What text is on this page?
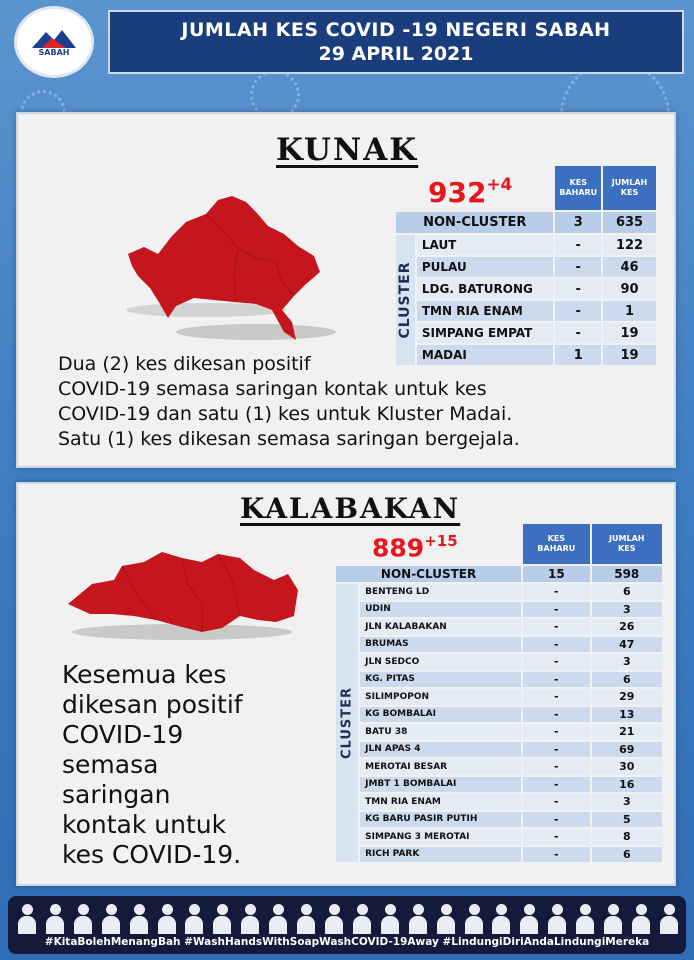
SABAH
JUMLAH KES COVID -19 NEGERI SABAH
29 APRIL 2021
KUNAK
$932^{+4}$
			KES
BAHARU	JUMLAH
KES
NON-CLUSTER		3	635

CLUSTER	LAUT	-	122
	PULAU	-	46
	LDG. BATURONG	-	90
	TMN RIA ENAM	-	1
	SIMPANG EMPAT	-	19
	MADAI	1	19
Dua (2) kes dikesan positif
COVID-19 semasa saringan kontak untuk kes
COVID-19 dan satu (1) kes untuk Kluster Madai.
Satu (1) kes dikesan semasa saringan bergejala.
KALABAKAN
$889^{+15}$
			KES
BAHARU	JUMLAH
KES
NON-CLUSTER		15	598

CLUSTER	BENTENG LD	-	6
	UDIN	-	3
	JLN KALABAKAN	-	26
	BRUMAS	-	47
	JLN SEDCO	-	3
	KG. PITAS	-	6
	SILIMPOPON	-	29
	KG BOMBALAI	-	13
	BATU 38	-	21
	JLN APAS 4	-	69
	MEROTAI BESAR	-	30
	JMBT 1 BOMBALAI	-	16
	TMN RIA ENAM	-	3
	KG BARU PASIR PUTIH	-	5
	SIMPANG 3 MEROTAI	-	8
	RICH PARK	-	6
Kesemua kes
dikesan positif
COVID-19
semasa
saringan
kontak untuk
kes COVID-19.
#KitaBolehMenangBah #WashHandsWithSoapWashCOVID-19Away #LindungiDiriAndaLindungiMereka
